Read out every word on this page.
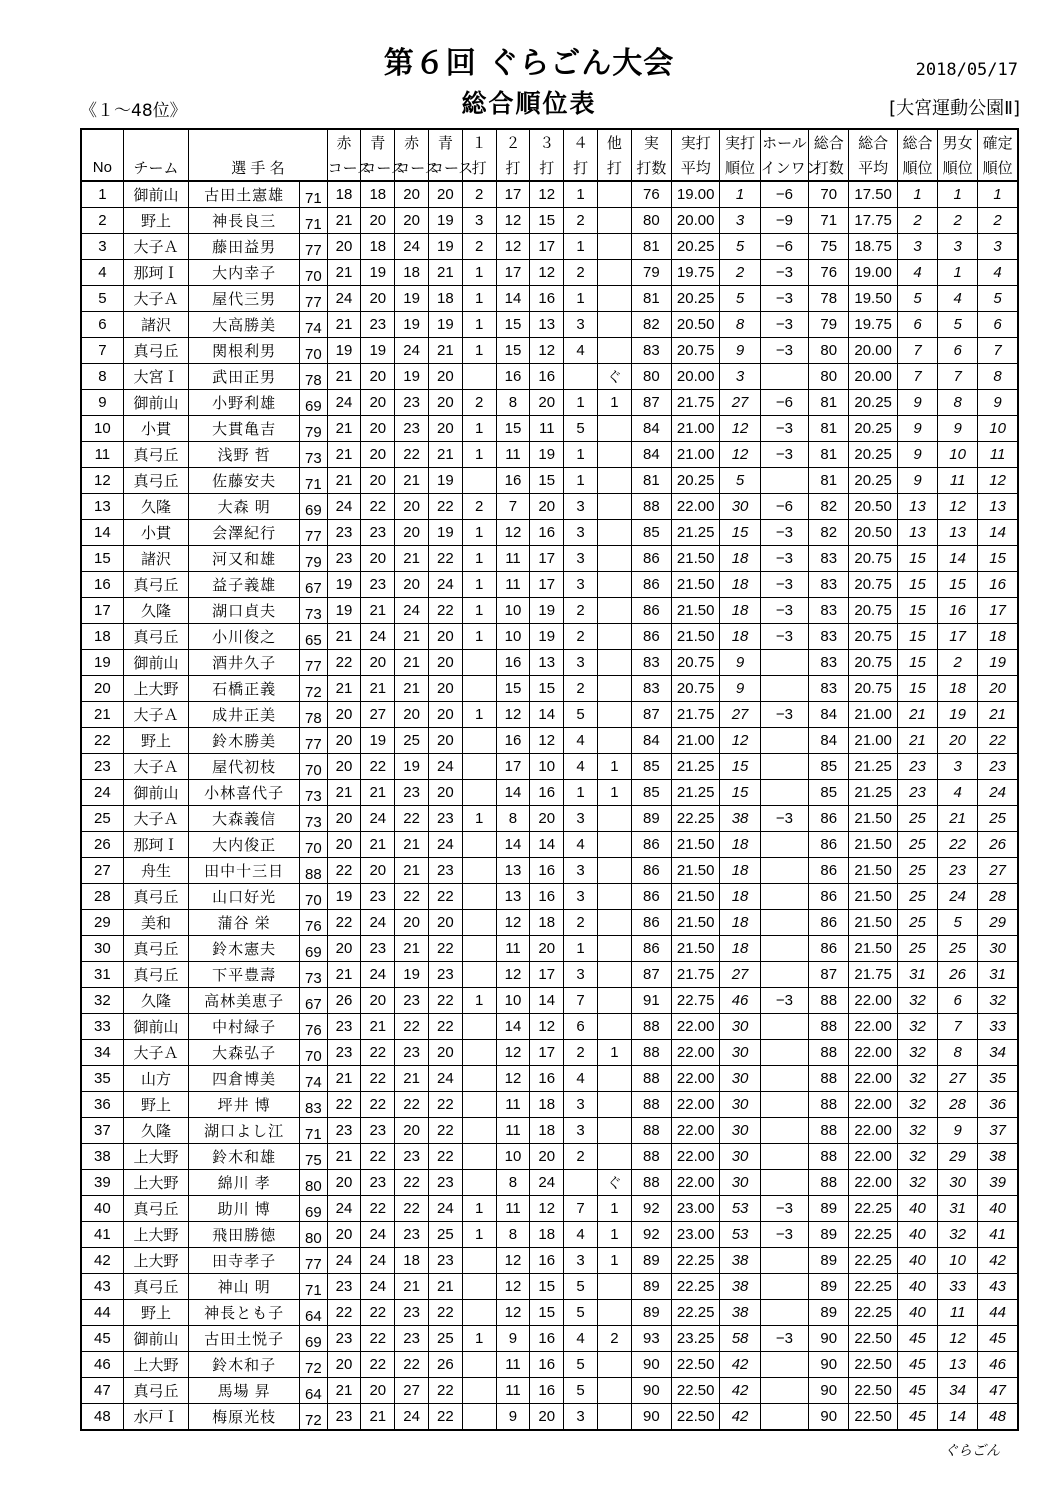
第６回 ぐらごん大会
総合順位表
2018/05/17
《１～48位》	[大宮運動公園Ⅱ]
				赤	青	赤	青	１	２	３	４	他	実	実打	実打	ホール	総合	総合	総合	男女	確定
No	チーム	選 手 名		コース	コース	コース	コース	打	打	打	打	打	打数	平均	順位	インワン	打数	平均	順位	順位	順位
1	御前山	古田土憲雄	71	18	18	20	20	2	17	12	1		76	19.00	1	−6	70	17.50	1	1	1
2	野上	神長良三	71	21	20	20	19	3	12	15	2		80	20.00	3	−9	71	17.75	2	2	2
3	大子Ａ	藤田益男	77	20	18	24	19	2	12	17	1		81	20.25	5	−6	75	18.75	3	3	3
4	那珂Ｉ	大内幸子	70	21	19	18	21	1	17	12	2		79	19.75	2	−3	76	19.00	4	1	4
5	大子Ａ	屋代三男	77	24	20	19	18	1	14	16	1		81	20.25	5	−3	78	19.50	5	4	5
6	諸沢	大高勝美	74	21	23	19	19	1	15	13	3		82	20.50	8	−3	79	19.75	6	5	6
7	真弓丘	関根利男	70	19	19	24	21	1	15	12	4		83	20.75	9	−3	80	20.00	7	6	7
8	大宮Ｉ	武田正男	78	21	20	19	20		16	16		ぐ	80	20.00	3		80	20.00	7	7	8
9	御前山	小野利雄	69	24	20	23	20	2	8	20	1	1	87	21.75	27	−6	81	20.25	9	8	9
10	小貫	大貫亀吉	79	21	20	23	20	1	15	11	5		84	21.00	12	−3	81	20.25	9	9	10
11	真弓丘	浅野 哲	73	21	20	22	21	1	11	19	1		84	21.00	12	−3	81	20.25	9	10	11
12	真弓丘	佐藤安夫	71	21	20	21	19		16	15	1		81	20.25	5		81	20.25	9	11	12
13	久隆	大森 明	69	24	22	20	22	2	7	20	3		88	22.00	30	−6	82	20.50	13	12	13
14	小貫	会澤紀行	77	23	23	20	19	1	12	16	3		85	21.25	15	−3	82	20.50	13	13	14
15	諸沢	河又和雄	79	23	20	21	22	1	11	17	3		86	21.50	18	−3	83	20.75	15	14	15
16	真弓丘	益子義雄	67	19	23	20	24	1	11	17	3		86	21.50	18	−3	83	20.75	15	15	16
17	久隆	湖口貞夫	73	19	21	24	22	1	10	19	2		86	21.50	18	−3	83	20.75	15	16	17
18	真弓丘	小川俊之	65	21	24	21	20	1	10	19	2		86	21.50	18	−3	83	20.75	15	17	18
19	御前山	酒井久子	77	22	20	21	20		16	13	3		83	20.75	9		83	20.75	15	2	19
20	上大野	石橋正義	72	21	21	21	20		15	15	2		83	20.75	9		83	20.75	15	18	20
21	大子Ａ	成井正美	78	20	27	20	20	1	12	14	5		87	21.75	27	−3	84	21.00	21	19	21
22	野上	鈴木勝美	77	20	19	25	20		16	12	4		84	21.00	12		84	21.00	21	20	22
23	大子Ａ	屋代初枝	70	20	22	19	24		17	10	4	1	85	21.25	15		85	21.25	23	3	23
24	御前山	小林喜代子	73	21	21	23	20		14	16	1	1	85	21.25	15		85	21.25	23	4	24
25	大子Ａ	大森義信	73	20	24	22	23	1	8	20	3		89	22.25	38	−3	86	21.50	25	21	25
26	那珂Ｉ	大内俊正	70	20	21	21	24		14	14	4		86	21.50	18		86	21.50	25	22	26
27	舟生	田中十三日	88	22	20	21	23		13	16	3		86	21.50	18		86	21.50	25	23	27
28	真弓丘	山口好光	70	19	23	22	22		13	16	3		86	21.50	18		86	21.50	25	24	28
29	美和	蒲谷 栄	76	22	24	20	20		12	18	2		86	21.50	18		86	21.50	25	5	29
30	真弓丘	鈴木憲夫	69	20	23	21	22		11	20	1		86	21.50	18		86	21.50	25	25	30
31	真弓丘	下平豊壽	73	21	24	19	23		12	17	3		87	21.75	27		87	21.75	31	26	31
32	久隆	高林美恵子	67	26	20	23	22	1	10	14	7		91	22.75	46	−3	88	22.00	32	6	32
33	御前山	中村緑子	76	23	21	22	22		14	12	6		88	22.00	30		88	22.00	32	7	33
34	大子Ａ	大森弘子	70	23	22	23	20		12	17	2	1	88	22.00	30		88	22.00	32	8	34
35	山方	四倉博美	74	21	22	21	24		12	16	4		88	22.00	30		88	22.00	32	27	35
36	野上	坪井 博	83	22	22	22	22		11	18	3		88	22.00	30		88	22.00	32	28	36
37	久隆	湖口よし江	71	23	23	20	22		11	18	3		88	22.00	30		88	22.00	32	9	37
38	上大野	鈴木和雄	75	21	22	23	22		10	20	2		88	22.00	30		88	22.00	32	29	38
39	上大野	綿川 孝	80	20	23	22	23		8	24		ぐ	88	22.00	30		88	22.00	32	30	39
40	真弓丘	助川 博	69	24	22	22	24	1	11	12	7	1	92	23.00	53	−3	89	22.25	40	31	40
41	上大野	飛田勝徳	80	20	24	23	25	1	8	18	4	1	92	23.00	53	−3	89	22.25	40	32	41
42	上大野	田寺孝子	77	24	24	18	23		12	16	3	1	89	22.25	38		89	22.25	40	10	42
43	真弓丘	神山 明	71	23	24	21	21		12	15	5		89	22.25	38		89	22.25	40	33	43
44	野上	神長とも子	64	22	22	23	22		12	15	5		89	22.25	38		89	22.25	40	11	44
45	御前山	古田土悦子	69	23	22	23	25	1	9	16	4	2	93	23.25	58	−3	90	22.50	45	12	45
46	上大野	鈴木和子	72	20	22	22	26		11	16	5		90	22.50	42		90	22.50	45	13	46
47	真弓丘	馬場 昇	64	21	20	27	22		11	16	5		90	22.50	42		90	22.50	45	34	47
48	水戸Ｉ	梅原光枝	72	23	21	24	22		9	20	3		90	22.50	42		90	22.50	45	14	48
ぐらごん
